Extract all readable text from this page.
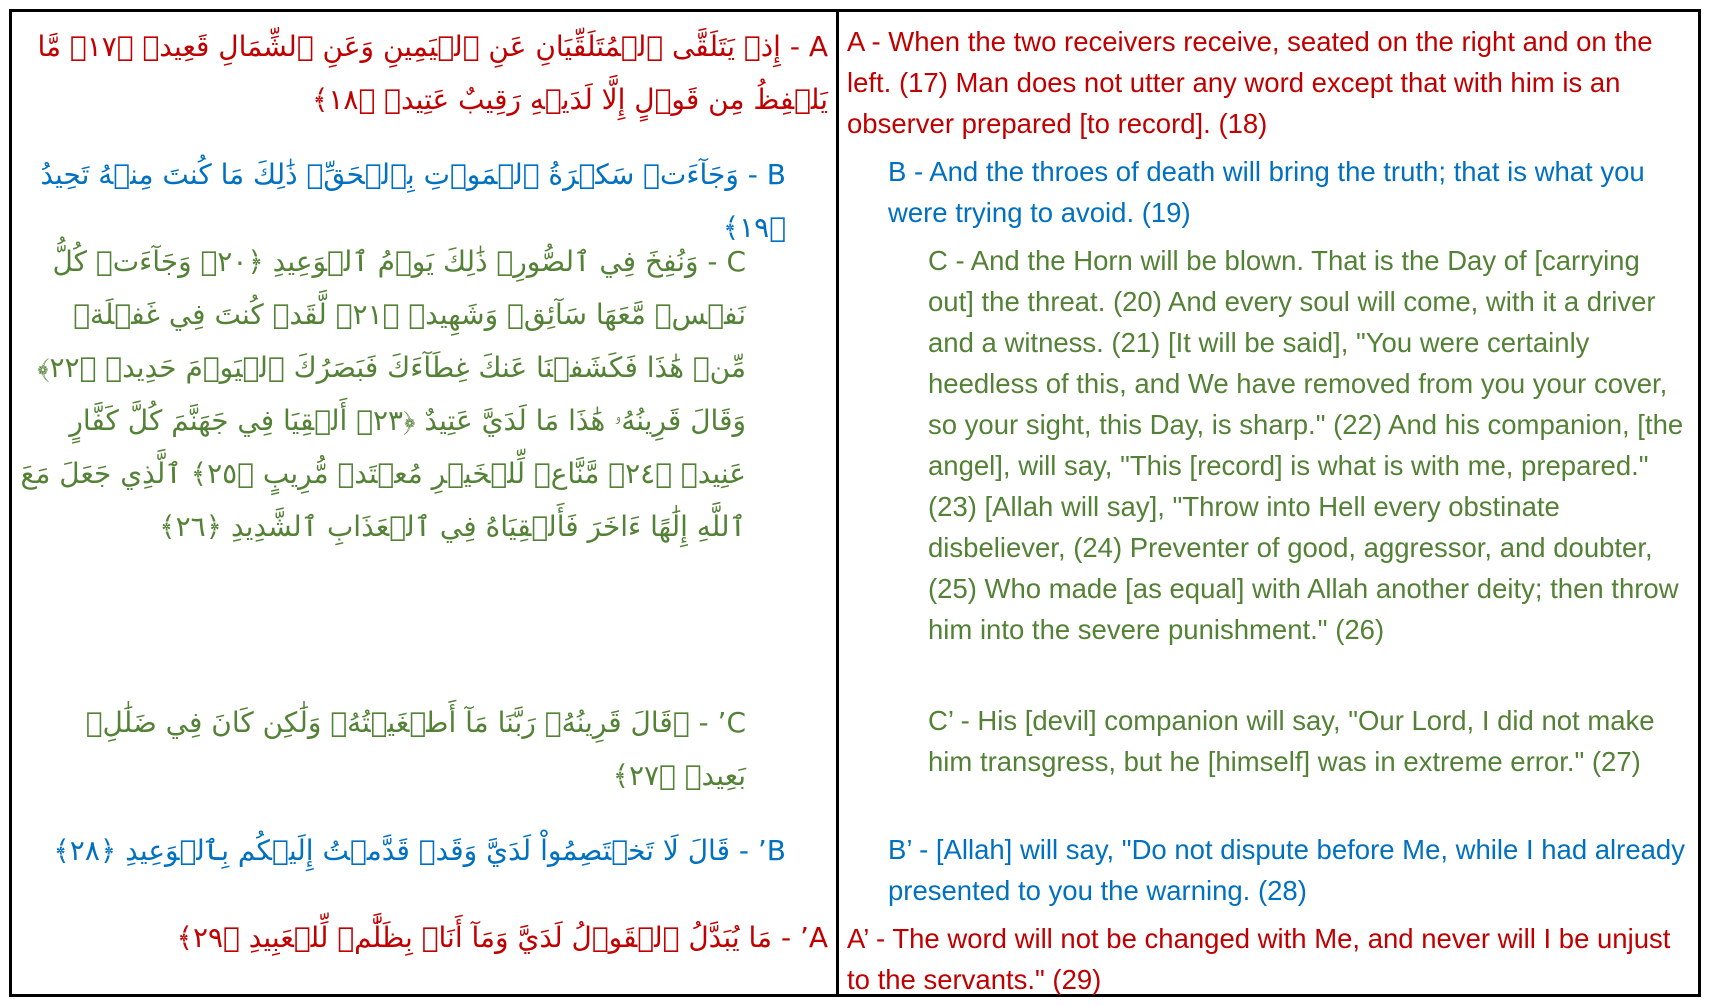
A - إِذۡ يَتَلَقَّى ٱلۡمُتَلَقِّيَانِ عَنِ ٱلۡيَمِينِ وَعَنِ ٱلشِّمَالِ قَعِيدٞ ﴿١٧﴾ مَّا يَلۡفِظُ مِن قَوۡلٍ إِلَّا لَدَيۡهِ رَقِيبٌ عَتِيدٞ ﴿١٨﴾
B - وَجَآءَتۡ سَكۡرَةُ ٱلۡمَوۡتِ بِٱلۡحَقِّۖ ذَٰلِكَ مَا كُنتَ مِنۡهُ تَحِيدُ ﴿١٩﴾
C - وَنُفِخَ فِي ٱلصُّورِۚ ذَٰلِكَ يَوۡمُ ٱلۡوَعِيدِ ﴿٢٠﴾ وَجَآءَتۡ كُلُّ نَفۡسٖ مَّعَهَا سَآئِقٞ وَشَهِيدٞ ﴿٢١﴾ لَّقَدۡ كُنتَ فِي غَفۡلَةٖ مِّنۡ هَٰذَا فَكَشَفۡنَا عَنكَ غِطَآءَكَ فَبَصَرُكَ ٱلۡيَوۡمَ حَدِيدٞ ﴿٢٢﴾ وَقَالَ قَرِينُهُۥ هَٰذَا مَا لَدَيَّ عَتِيدٌ ﴿٢٣﴾ أَلۡقِيَا فِي جَهَنَّمَ كُلَّ كَفَّارٍ عَنِيدٖ ﴿٢٤﴾ مَّنَّاعٖ لِّلۡخَيۡرِ مُعۡتَدٖ مُّرِيبٍ ﴿٢٥﴾ ٱلَّذِي جَعَلَ مَعَ ٱللَّهِ إِلَٰهًا ءَاخَرَ فَأَلۡقِيَاهُ فِي ٱلۡعَذَابِ ٱلشَّدِيدِ ﴿٢٦﴾
C’ - ۞قَالَ قَرِينُهُۥ رَبَّنَا مَآ أَطۡغَيۡتُهُۥ وَلَٰكِن كَانَ فِي ضَلَٰلِۭ بَعِيدٖ ﴿٢٧﴾
B’ - قَالَ لَا تَخۡتَصِمُواْ لَدَيَّ وَقَدۡ قَدَّمۡتُ إِلَيۡكُم بِٱلۡوَعِيدِ ﴿٢٨﴾
A’ - مَا يُبَدَّلُ ٱلۡقَوۡلُ لَدَيَّ وَمَآ أَنَا۠ بِظَلَّٰمٖ لِّلۡعَبِيدِ ﴿٢٩﴾
A - When the two receivers receive, seated on the right and on the left. (17) Man does not utter any word except that with him is an observer prepared [to record]. (18)
B - And the throes of death will bring the truth; that is what you were trying to avoid. (19)
C - And the Horn will be blown. That is the Day of [carrying out] the threat. (20) And every soul will come, with it a driver and a witness. (21) [It will be said], "You were certainly heedless of this, and We have removed from you your cover, so your sight, this Day, is sharp." (22) And his companion, [the angel], will say, "This [record] is what is with me, prepared." (23) [Allah will say], "Throw into Hell every obstinate disbeliever, (24) Preventer of good, aggressor, and doubter, (25) Who made [as equal] with Allah another deity; then throw him into the severe punishment." (26)
C’ - His [devil] companion will say, "Our Lord, I did not make him transgress, but he [himself] was in extreme error." (27)
B’ - [Allah] will say, "Do not dispute before Me, while I had already presented to you the warning. (28)
A’ - The word will not be changed with Me, and never will I be unjust to the servants." (29)
